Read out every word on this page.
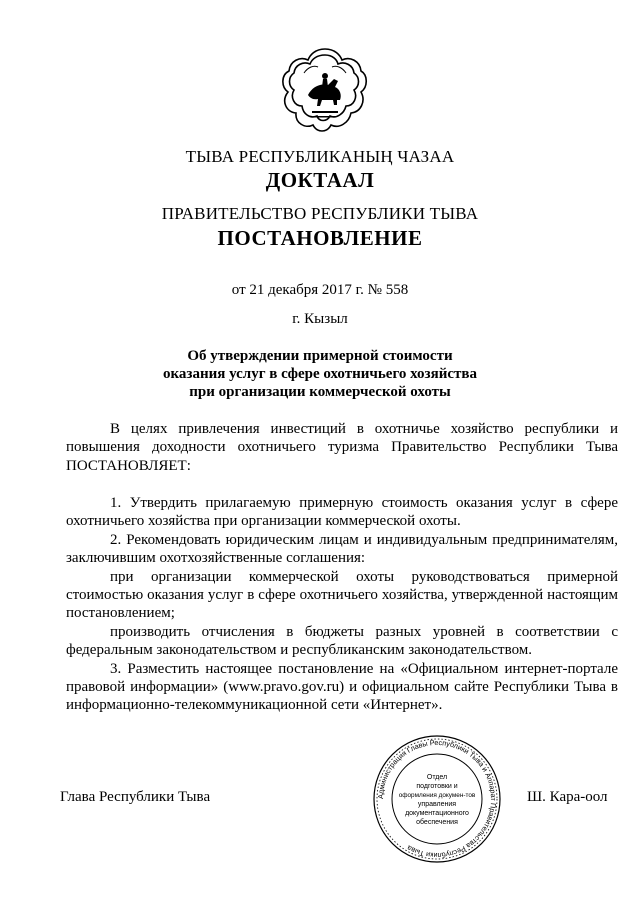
ТЫВА РЕСПУБЛИКАНЫҢ ЧАЗАА
ДОКТААЛ
ПРАВИТЕЛЬСТВО РЕСПУБЛИКИ ТЫВА
ПОСТАНОВЛЕНИЕ
от 21 декабря 2017 г. № 558
г. Кызыл
Об утверждении примерной стоимости
оказания услуг в сфере охотничьего хозяйства
при организации коммерческой охоты

В целях привлечения инвестиций в охотничье хозяйство республики и повышения доходности охотничьего туризма Правительство Республики Тыва ПОСТАНОВЛЯЕТ:

1. Утвердить прилагаемую примерную стоимость оказания услуг в сфере охотничьего хозяйства при организации коммерческой охоты.

2. Рекомендовать юридическим лицам и индивидуальным предпринимателям, заключившим охотхозяйственные соглашения:

при организации коммерческой охоты руководствоваться примерной стоимостью оказания услуг в сфере охотничьего хозяйства, утвержденной настоящим постановлением;

производить отчисления в бюджеты разных уровней в соответствии с федеральным законодательством и республиканским законодательством.

3. Разместить настоящее постановление на «Официальном интернет-портале правовой информации» (www.pravo.gov.ru) и официальном сайте Республики Тыва в информационно-телекоммуникационной сети «Интернет».

Глава Республики Тывa	Ш. Кара-оол
Администрация Главы Республики Тыва и Аппарат Правительства Республики Тыва
Отдел
подготовки и
оформления докумен-тов
управления
документационного
обеспечения
